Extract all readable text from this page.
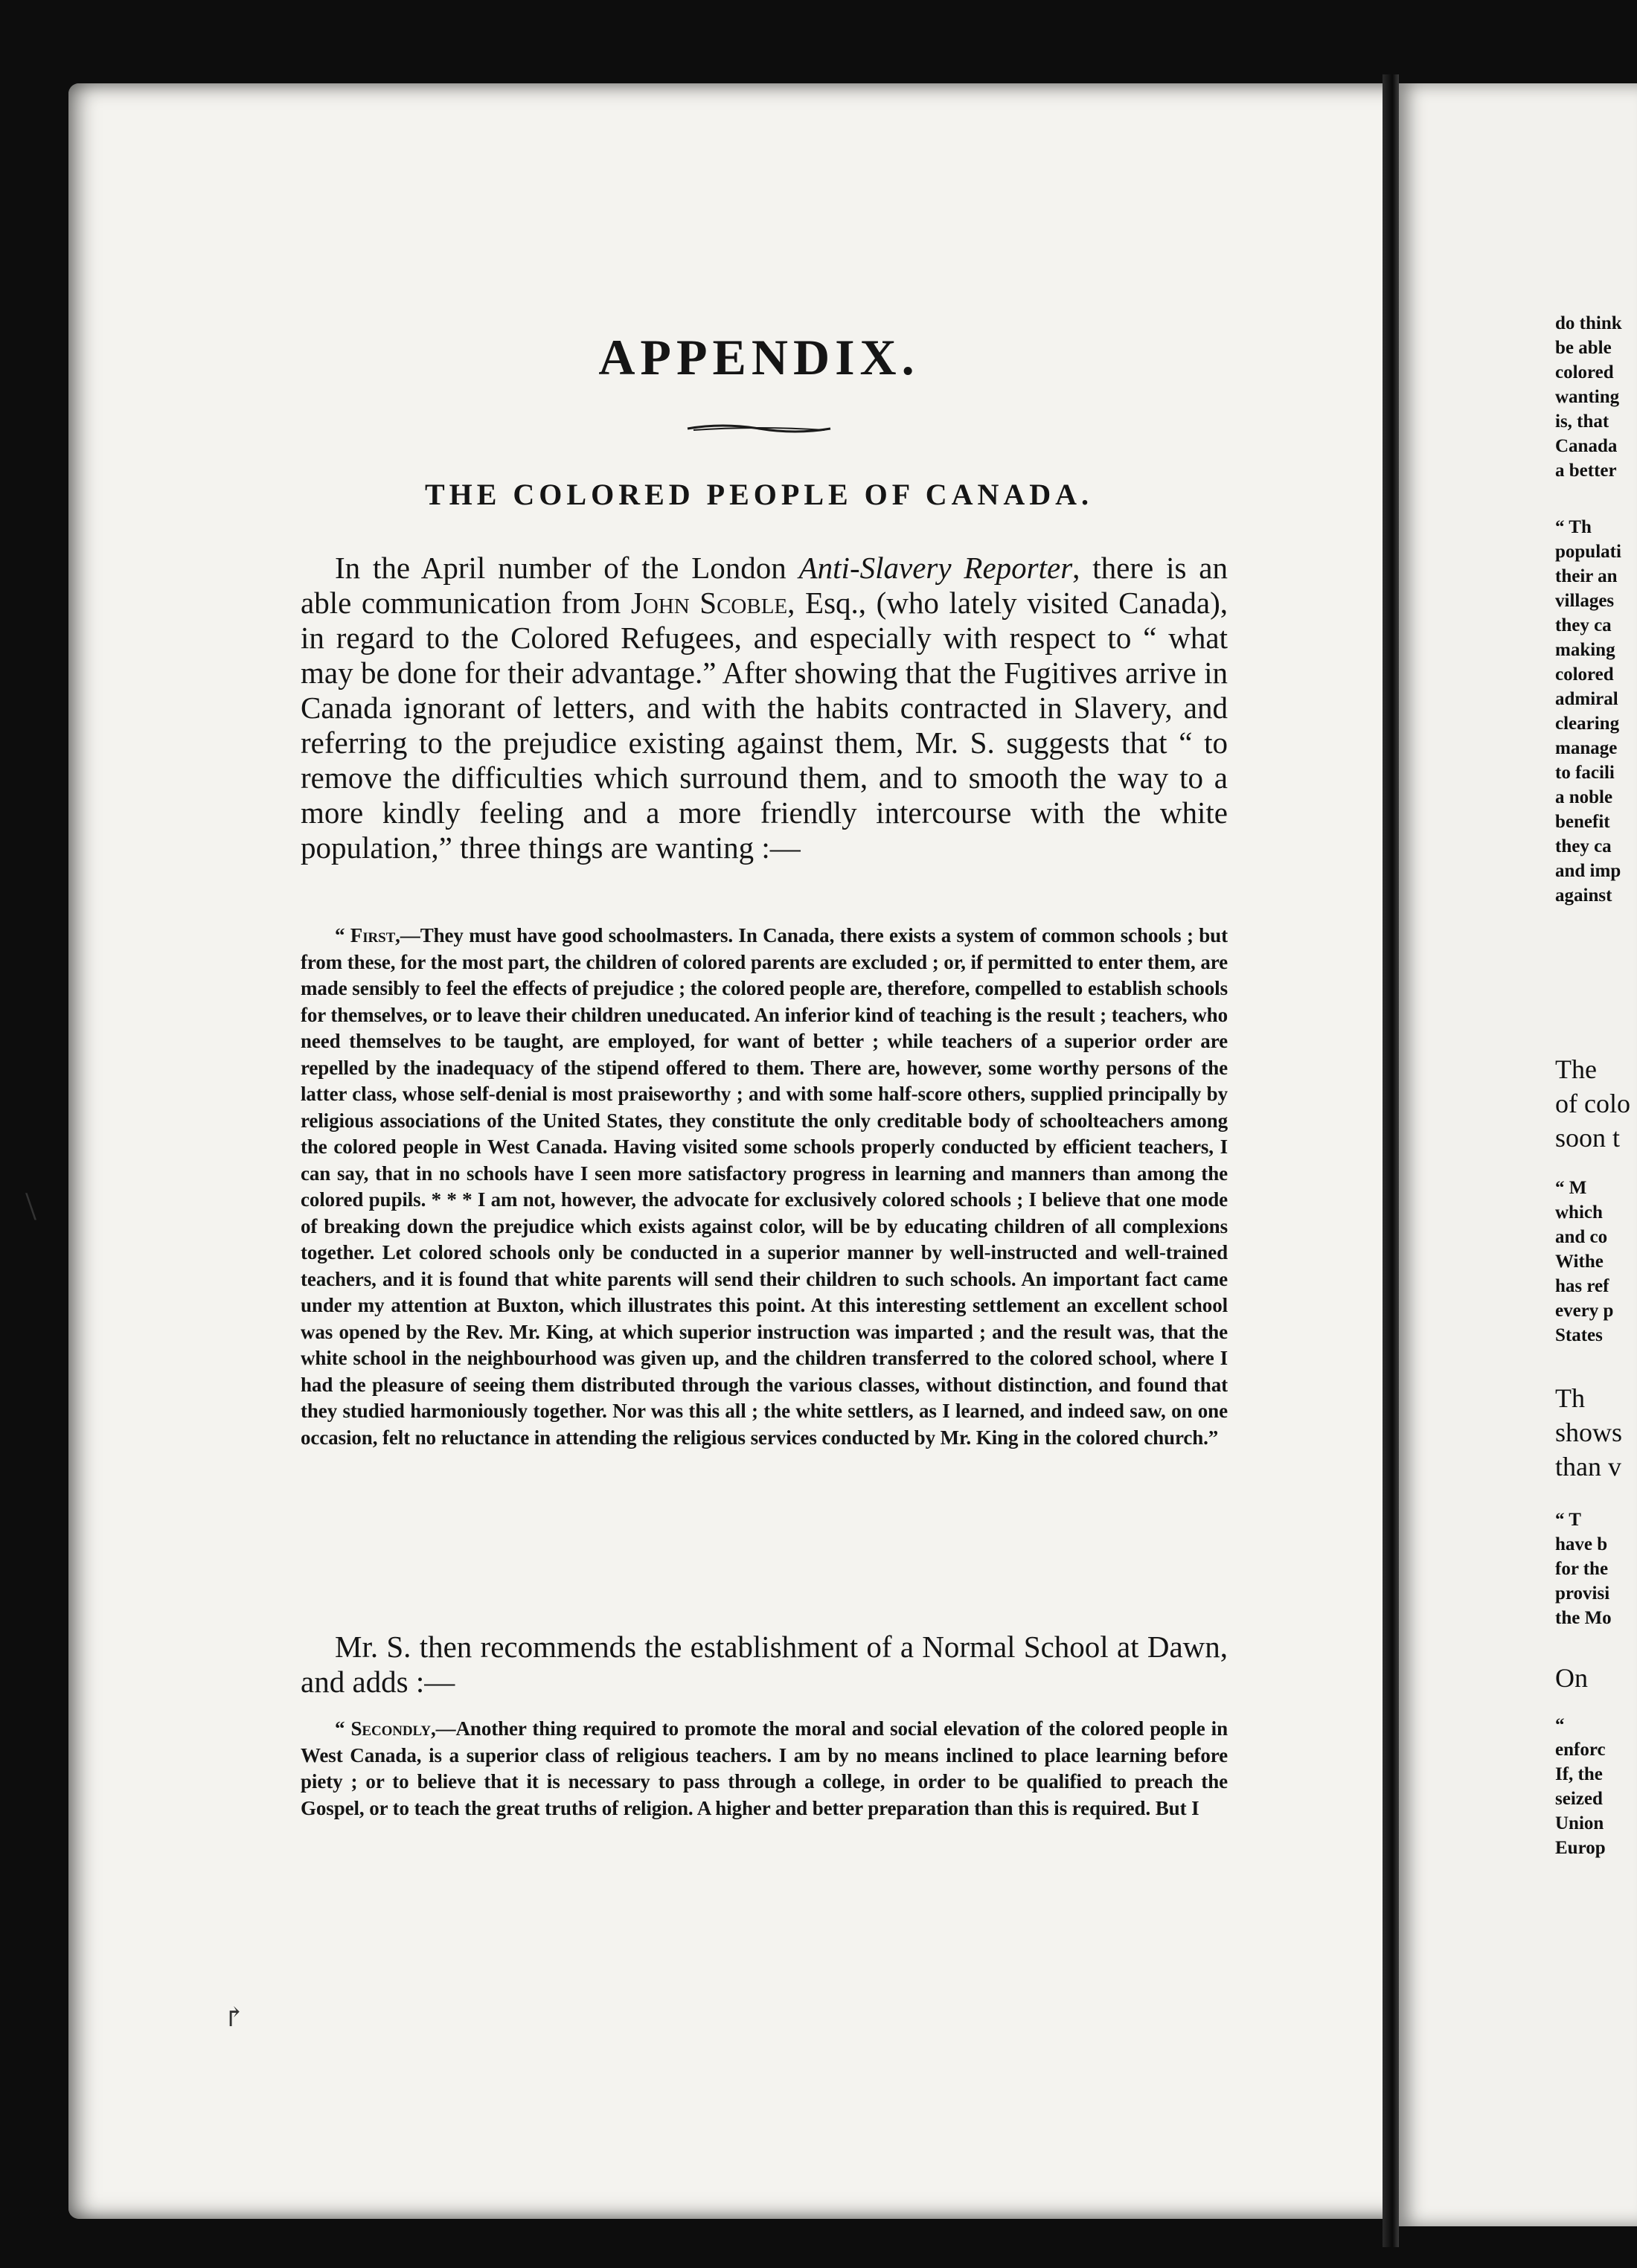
APPENDIX.
THE COLORED PEOPLE OF CANADA.

In the April number of the London Anti-Slavery Reporter, there is an able communication from John Scoble, Esq., (who lately visited Canada), in regard to the Colored Refugees, and especially with respect to “ what may be done for their advantage.” After showing that the Fugitives arrive in Canada ignorant of letters, and with the habits contracted in Slavery, and referring to the prejudice existing against them, Mr. S. suggests that “ to remove the difficulties which surround them, and to smooth the way to a more kindly feeling and a more friendly intercourse with the white population,” three things are wanting :—

“ First,—They must have good schoolmasters. In Canada, there exists a system of common schools ; but from these, for the most part, the children of colored parents are excluded ; or, if permitted to enter them, are made sensibly to feel the effects of prejudice ; the colored people are, therefore, compelled to establish schools for themselves, or to leave their children uneducated. An inferior kind of teaching is the result ; teachers, who need themselves to be taught, are employed, for want of better ; while teachers of a superior order are repelled by the inadequacy of the stipend offered to them. There are, however, some worthy persons of the latter class, whose self-denial is most praiseworthy ; and with some half-score others, supplied principally by religious associations of the United States, they constitute the only creditable body of schoolteachers among the colored people in West Canada. Having visited some schools properly conducted by efficient teachers, I can say, that in no schools have I seen more satisfactory progress in learning and manners than among the colored pupils. * * * I am not, however, the advocate for exclusively colored schools ; I believe that one mode of breaking down the prejudice which exists against color, will be by educating children of all complexions together. Let colored schools only be conducted in a superior manner by well-instructed and well-trained teachers, and it is found that white parents will send their children to such schools. An important fact came under my attention at Buxton, which illustrates this point. At this interesting settlement an excellent school was opened by the Rev. Mr. King, at which superior instruction was imparted ; and the result was, that the white school in the neighbourhood was given up, and the children transferred to the colored school, where I had the pleasure of seeing them distributed through the various classes, without distinction, and found that they studied harmoniously together. Nor was this all ; the white settlers, as I learned, and indeed saw, on one occasion, felt no reluctance in attending the religious services conducted by Mr. King in the colored church.”

Mr. S. then recommends the establishment of a Normal School at Dawn, and adds :—

“ Secondly,—Another thing required to promote the moral and social elevation of the colored people in West Canada, is a superior class of religious teachers. I am by no means inclined to place learning before piety ; or to believe that it is necessary to pass through a college, in order to be qualified to preach the Gospel, or to teach the great truths of religion. A higher and better preparation than this is required. But I

\
↱

do think

be able

colored

wanting

is, that

Canada

a better

“ Th

populati

their an

villages

they ca

making

colored

admiral

clearing

manage

to facili

a noble

benefit

they ca

and imp

against

The

of colo

soon t

“ M

which

and co

Withe

has ref

every p

States

Th

shows

than v

“ T

have b

for the

provisi

the Mo

On

“

enforc

If, the

seized

Union

Europ
